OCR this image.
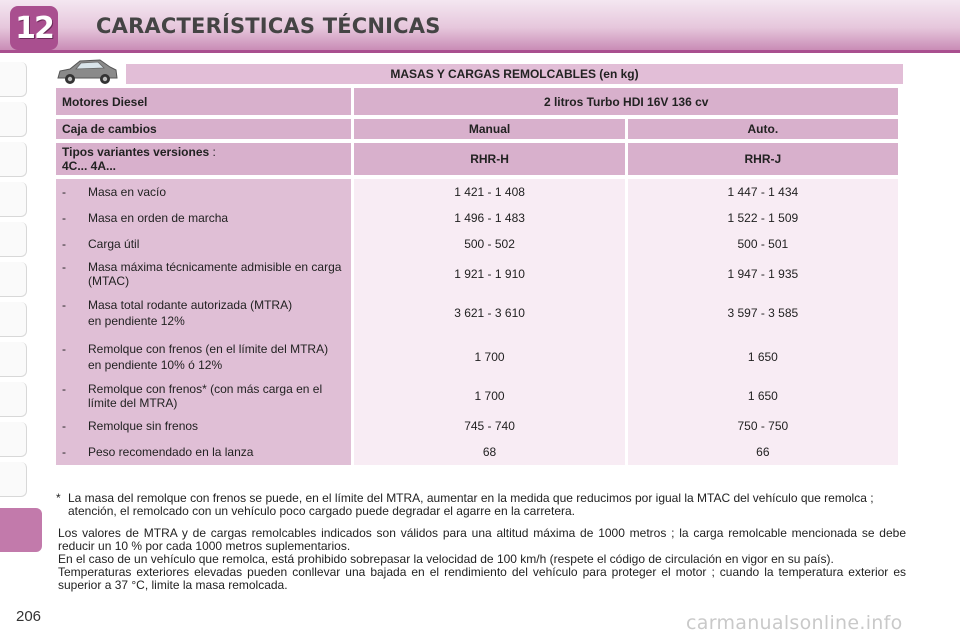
12 CARACTERÍSTICAS TÉCNICAS
MASAS Y CARGAS REMOLCABLES (en kg)
Motores Diesel	2 litros Turbo HDI 16V 136 cv	

Caja de cambios	Manual	Auto.

Tipos variantes versiones :
4C... 4A...	RHR-H	RHR-J

- Masa en vacío	1 421 - 1 408	1 447 - 1 434

- Masa en orden de marcha	1 496 - 1 483	1 522 - 1 509

- Carga útil	500 - 502	500 - 501

- Masa máxima técnicamente admisible en carga (MTAC)	1 921 - 1 910	1 947 - 1 935

- Masa total rodante autorizada (MTRA)
en pendiente 12%	3 621 - 3 610	3 597 - 3 585

- Remolque con frenos (en el límite del MTRA)
en pendiente 10% ó 12%	1 700	1 650

- Remolque con frenos* (con más carga en el límite del MTRA)	1 700	1 650

- Remolque sin frenos	745 - 740	750 - 750

- Peso recomendado en la lanza	68	66
* La masa del remolque con frenos se puede, en el límite del MTRA, aumentar en la medida que reducimos por igual la MTAC del vehículo que remolca ; atención, el remolcado con un vehículo poco cargado puede degradar el agarre en la carretera.

Los valores de MTRA y de cargas remolcables indicados son válidos para una altitud máxima de 1000 metros ; la carga remolcable mencionada se debe reducir un 10 % por cada 1000 metros suplementarios.

En el caso de un vehículo que remolca, está prohibido sobrepasar la velocidad de 100 km/h (respete el código de circulación en vigor en su país).

Temperaturas exteriores elevadas pueden conllevar una bajada en el rendimiento del vehículo para proteger el motor ; cuando la temperatura exterior es superior a 37 °C, limite la masa remolcada.

206	carmanualsonline.info
